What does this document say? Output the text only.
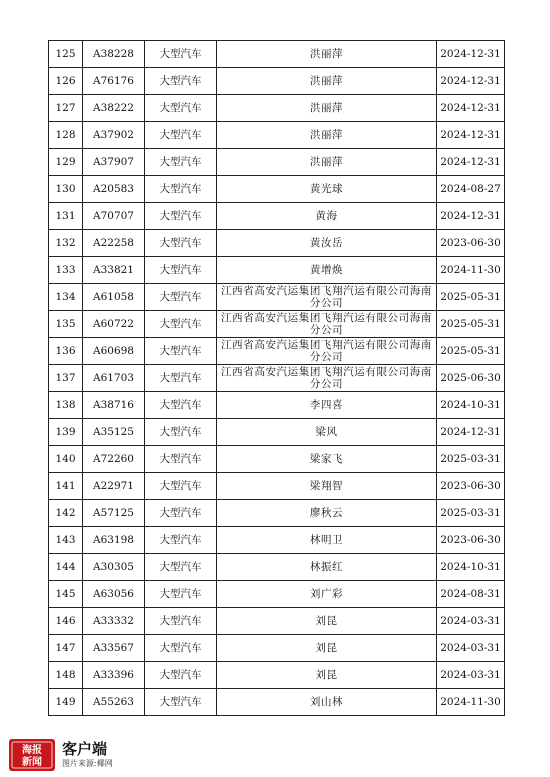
125	A38228	大型汽车	洪丽萍	2024-12-31
126	A76176	大型汽车	洪丽萍	2024-12-31
127	A38222	大型汽车	洪丽萍	2024-12-31
128	A37902	大型汽车	洪丽萍	2024-12-31
129	A37907	大型汽车	洪丽萍	2024-12-31
130	A20583	大型汽车	黄光球	2024-08-27
131	A70707	大型汽车	黄海	2024-12-31
132	A22258	大型汽车	黄汝岳	2023-06-30
133	A33821	大型汽车	黄增焕	2024-11-30
134	A61058	大型汽车	江西省高安汽运集团飞翔汽运有限公司海南分公司	2025-05-31
135	A60722	大型汽车	江西省高安汽运集团飞翔汽运有限公司海南分公司	2025-05-31
136	A60698	大型汽车	江西省高安汽运集团飞翔汽运有限公司海南分公司	2025-05-31
137	A61703	大型汽车	江西省高安汽运集团飞翔汽运有限公司海南分公司	2025-06-30
138	A38716	大型汽车	李四喜	2024-10-31
139	A35125	大型汽车	梁风	2024-12-31
140	A72260	大型汽车	梁家飞	2025-03-31
141	A22971	大型汽车	梁翔智	2023-06-30
142	A57125	大型汽车	廖秋云	2025-03-31
143	A63198	大型汽车	林明卫	2023-06-30
144	A30305	大型汽车	林振红	2024-10-31
145	A63056	大型汽车	刘广彩	2024-08-31
146	A33332	大型汽车	刘昆	2024-03-31
147	A33567	大型汽车	刘昆	2024-03-31
148	A33396	大型汽车	刘昆	2024-03-31
149	A55263	大型汽车	刘山林	2024-11-30
海报
新闻
客户端
图片来源:椰网
